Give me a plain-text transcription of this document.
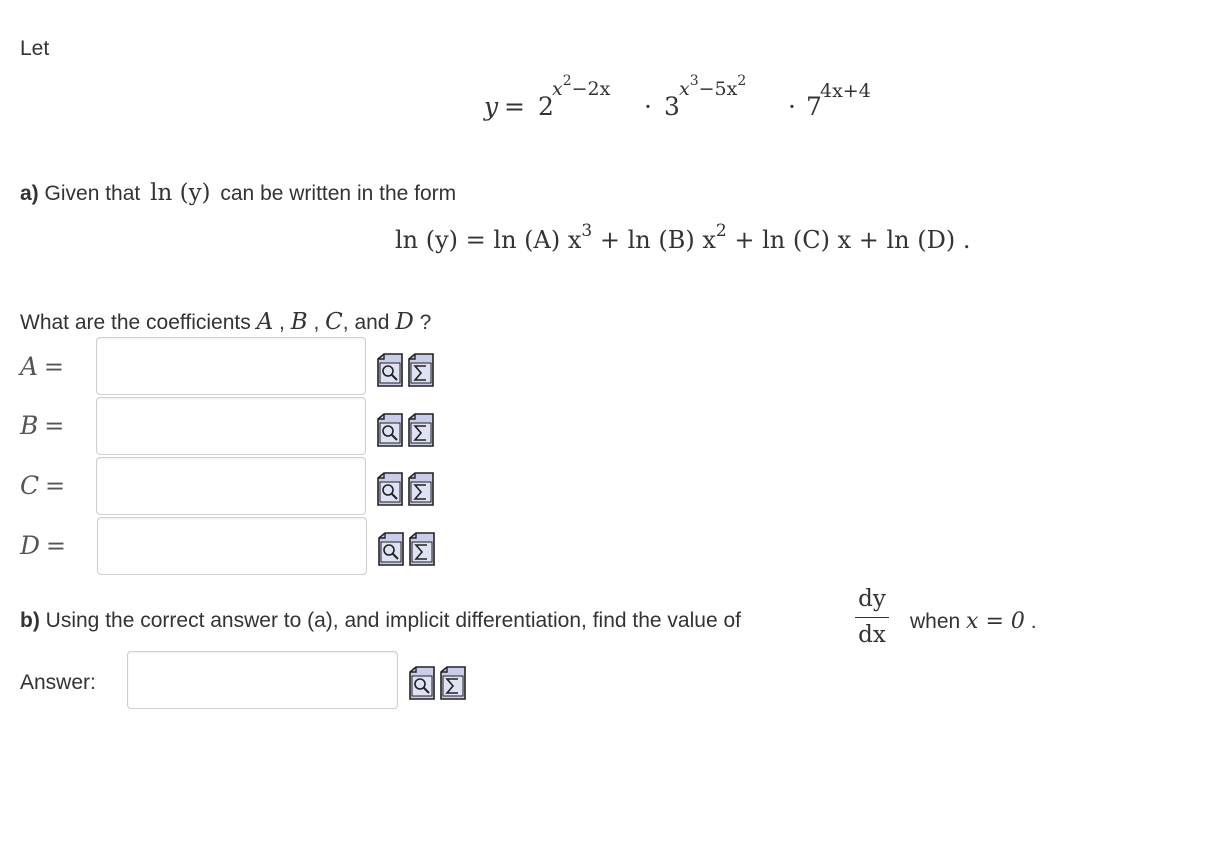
Let
y = 2
$x^2-2x$
· 3
$x^3-5x^2$
· 7
4x+4
a) Given that ln (y) can be written in the form
ln (y) = ln (A) $x^3 + \ln (B) x^2 + \ln (C) x + \ln (D)$ .
What are the coefficients A , B , C, and D ?
A =
B =
C =
D =
b) Using the correct answer to (a), and implicit differentiation, find the value of
dy
dx
when x = 0 .
Answer:
